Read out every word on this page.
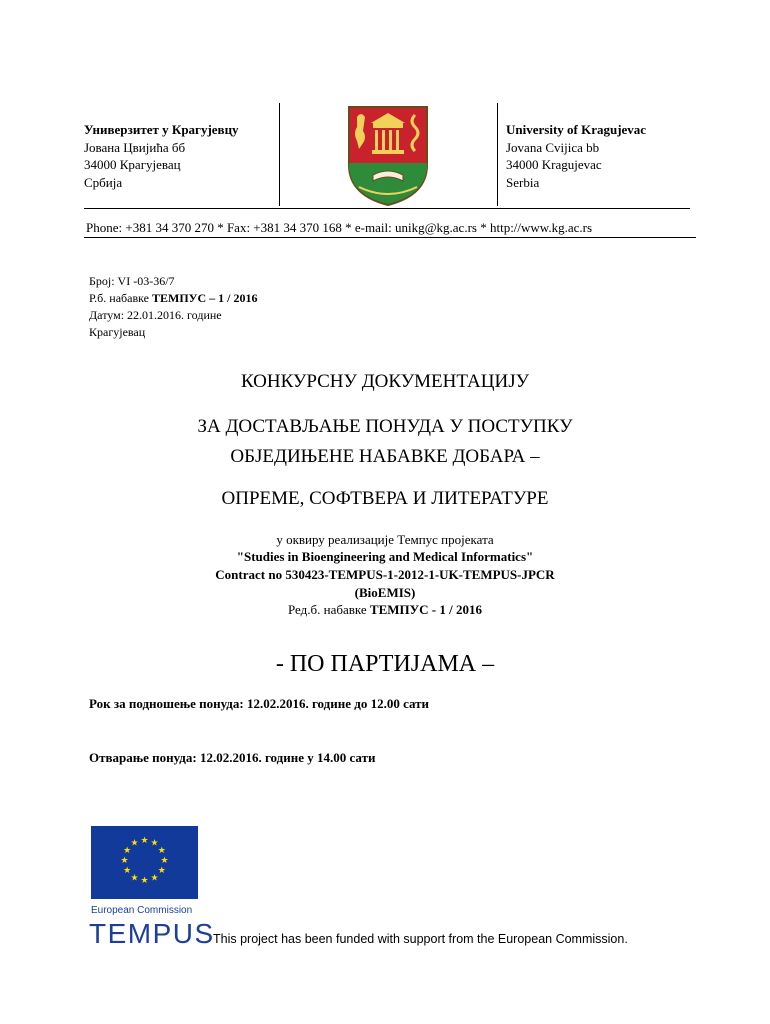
Универзитет у Крагујевцу
Јована Цвијића бб
34000 Крагујевац
Србија
University of Kragujevac
Jovana Cvijica bb
34000 Kragujevac
Serbia
Phone: +381 34 370 270 * Fax: +381 34 370 168 * e-mail: unikg@kg.ac.rs * http://www.kg.ac.rs
Број: VI -03-36/7
Р.б. набавке ТЕМПУС – 1 / 2016
Датум: 22.01.2016. године
Крагујевац
КОНКУРСНУ ДОКУМЕНТАЦИЈУ
ЗА ДОСТАВЉАЊЕ ПОНУДА У ПОСТУПКУ
ОБЈЕДИЊЕНЕ НАБАВКЕ ДОБАРА –
ОПРЕМЕ, СОФТВЕРА И ЛИТЕРАТУРЕ
у оквиру реализације Темпус пројеката
"Studies in Bioengineering and Medical Informatics"
Contract no 530423-TEMPUS-1-2012-1-UK-TEMPUS-JPCR
(BioEMIS)
Ред.б. набавке ТЕМПУС - 1 / 2016
- ПО ПАРТИЈАМА –
Рок за подношење понуда: 12.02.2016. године до 12.00 сати
Отварање понуда: 12.02.2016. године у 14.00 сати
★ ★
★
★
★
★
★
★
★
★
★
★
European Commission
TEMPUS
This project has been funded with support from the European Commission.
